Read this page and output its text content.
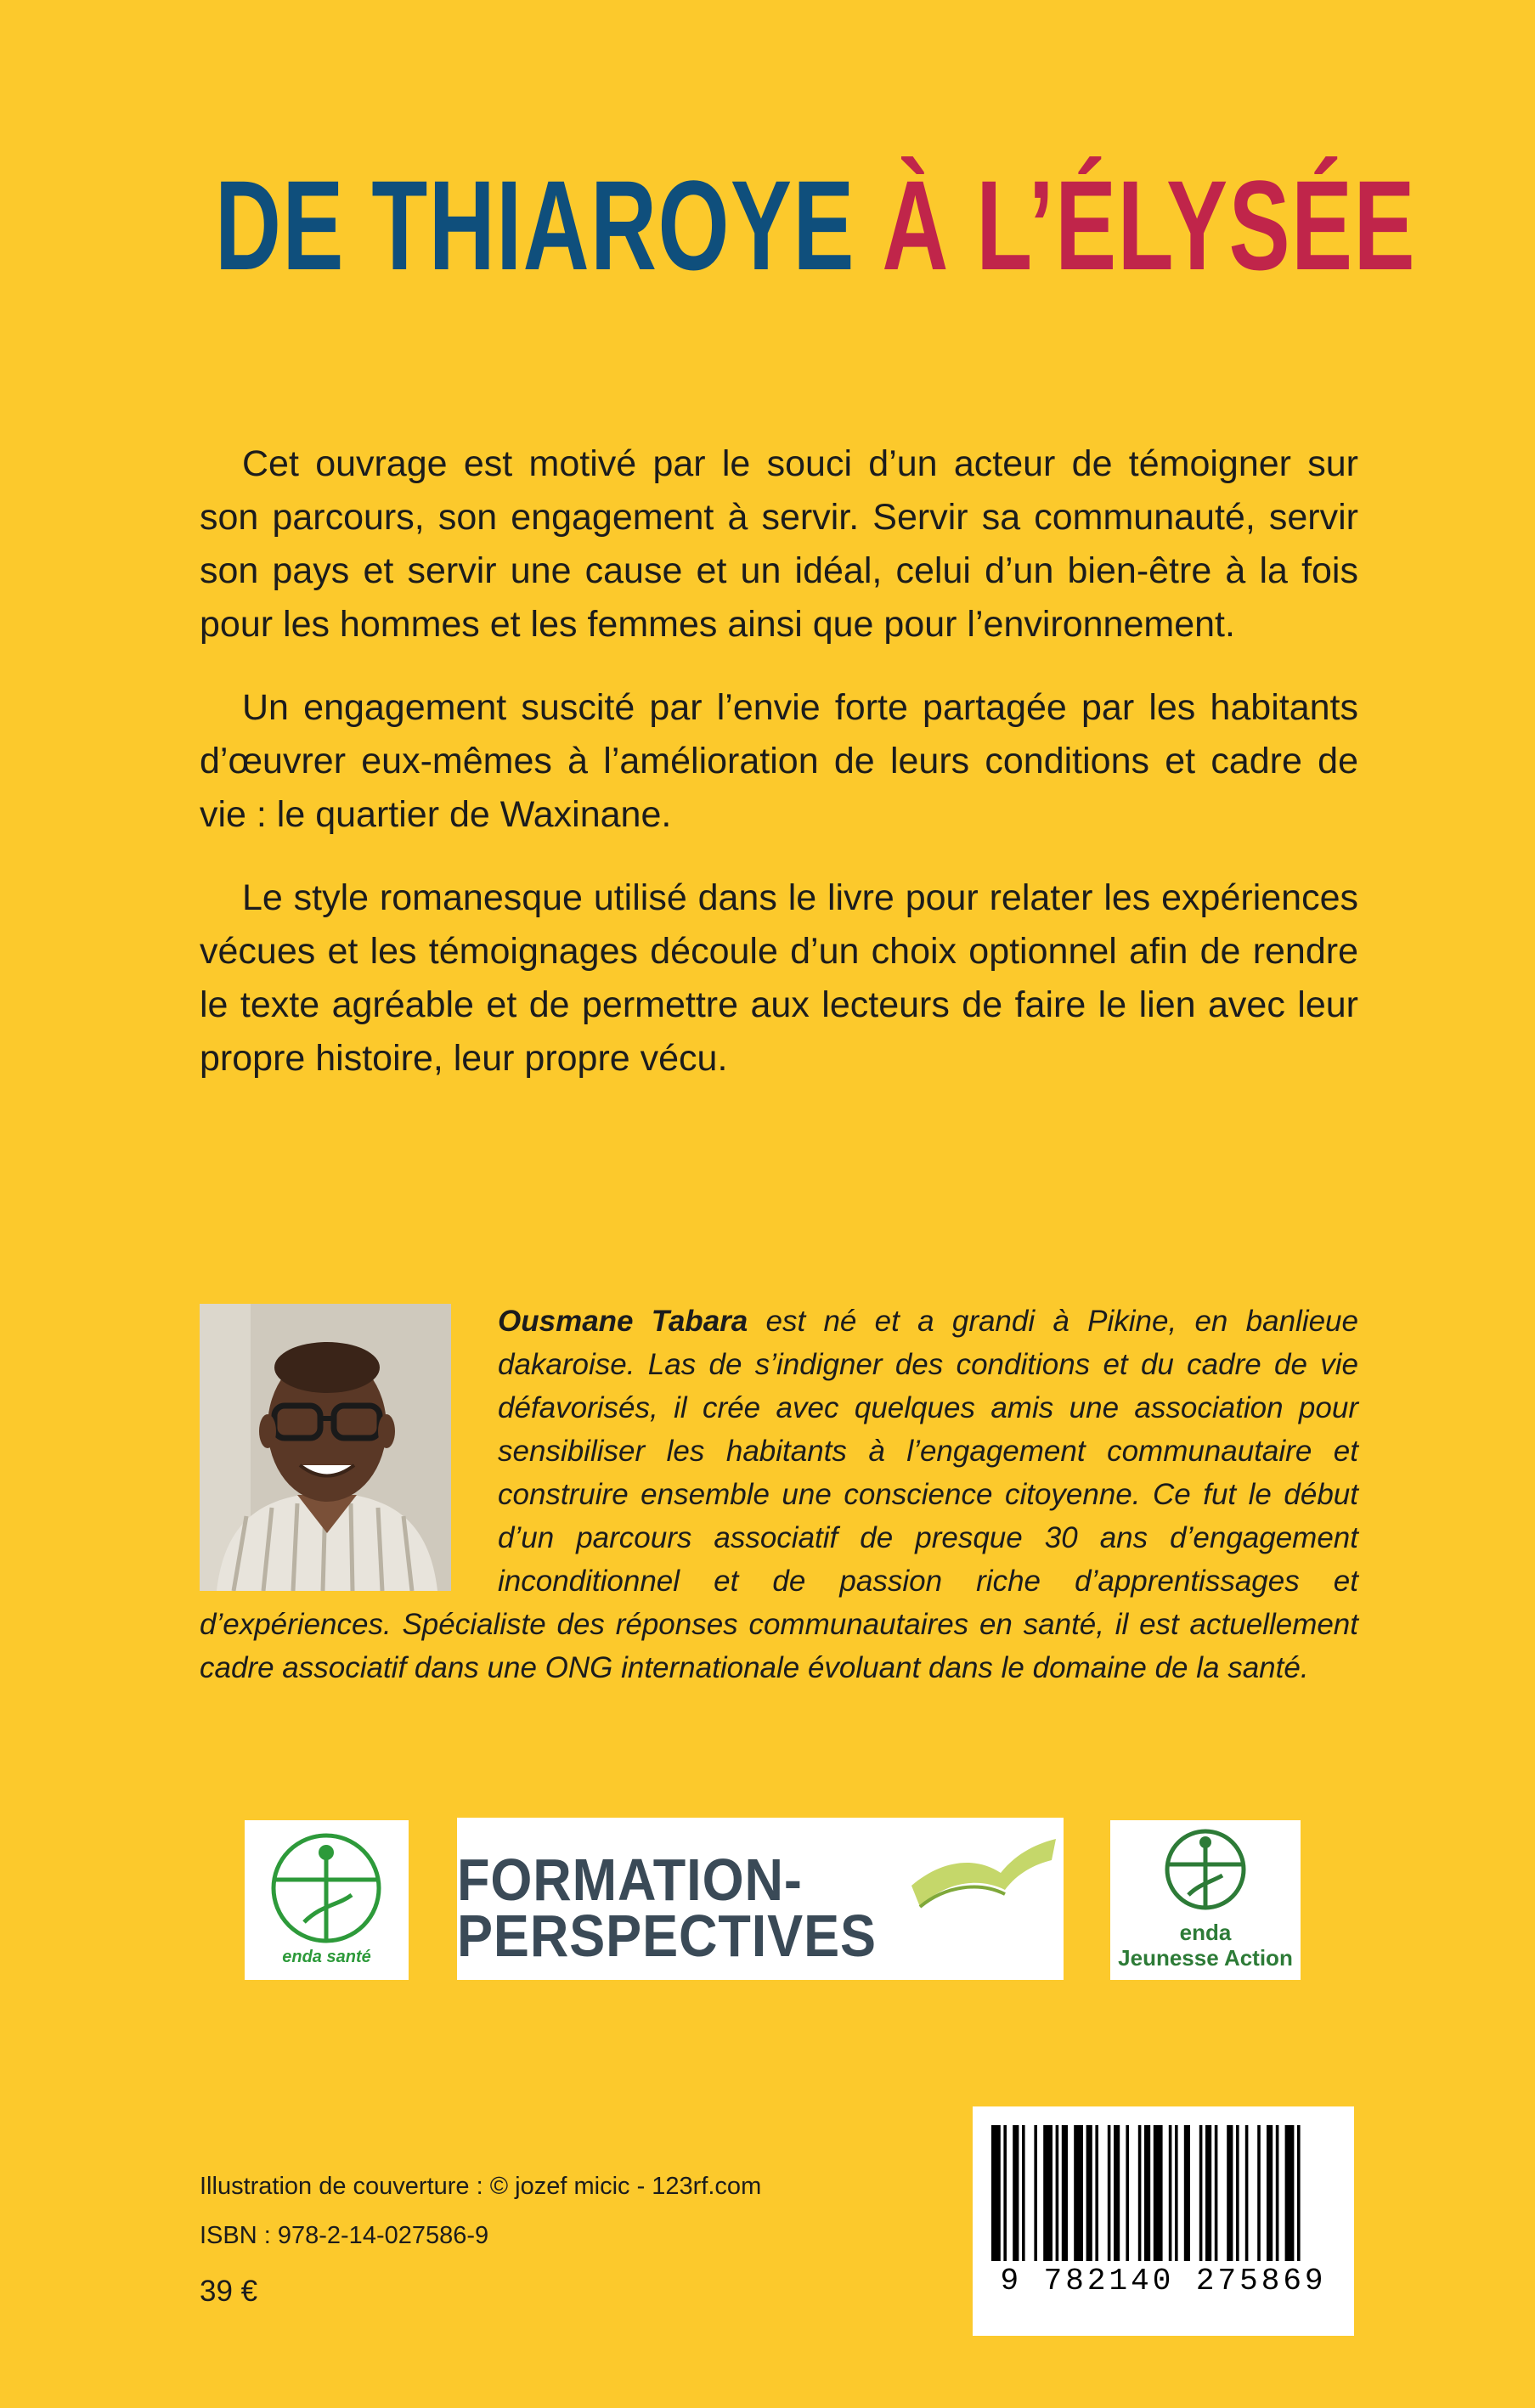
DE THIAROYE À L’ÉLYSÉE

Cet ouvrage est motivé par le souci d’un acteur de témoigner sur son parcours, son engagement à servir. Servir sa communauté, servir son pays et servir une cause et un idéal, celui d’un bien-être à la fois pour les hommes et les femmes ainsi que pour l’environnement.

Un engagement suscité par l’envie forte partagée par les habitants d’œuvrer eux-mêmes à l’amélioration de leurs conditions et cadre de vie : le quartier de Waxinane.

Le style romanesque utilisé dans le livre pour relater les expériences vécues et les témoignages découle d’un choix optionnel afin de rendre le texte agréable et de permettre aux lecteurs de faire le lien avec leur propre histoire, leur propre vécu.

Ousmane Tabara est né et a grandi à Pikine, en banlieue dakaroise. Las de s’indigner des conditions et du cadre de vie défavorisés, il crée avec quelques amis une association pour sensibiliser les habitants à l’engagement communautaire et construire ensemble une conscience citoyenne. Ce fut le début d’un parcours associatif de presque 30 ans d’engagement inconditionnel et de passion riche d’apprentissages et d’expériences. Spécialiste des réponses communautaires en santé, il est actuellement cadre associatif dans une ONG internationale évoluant dans le domaine de la santé.
enda santé
FORMATION-
PERSPECTIVES	enda
Jeunesse Action
Illustration de couverture : © jozef micic - 123rf.com
ISBN : 978-2-14-027586-9
39 €	9 782140 275869
